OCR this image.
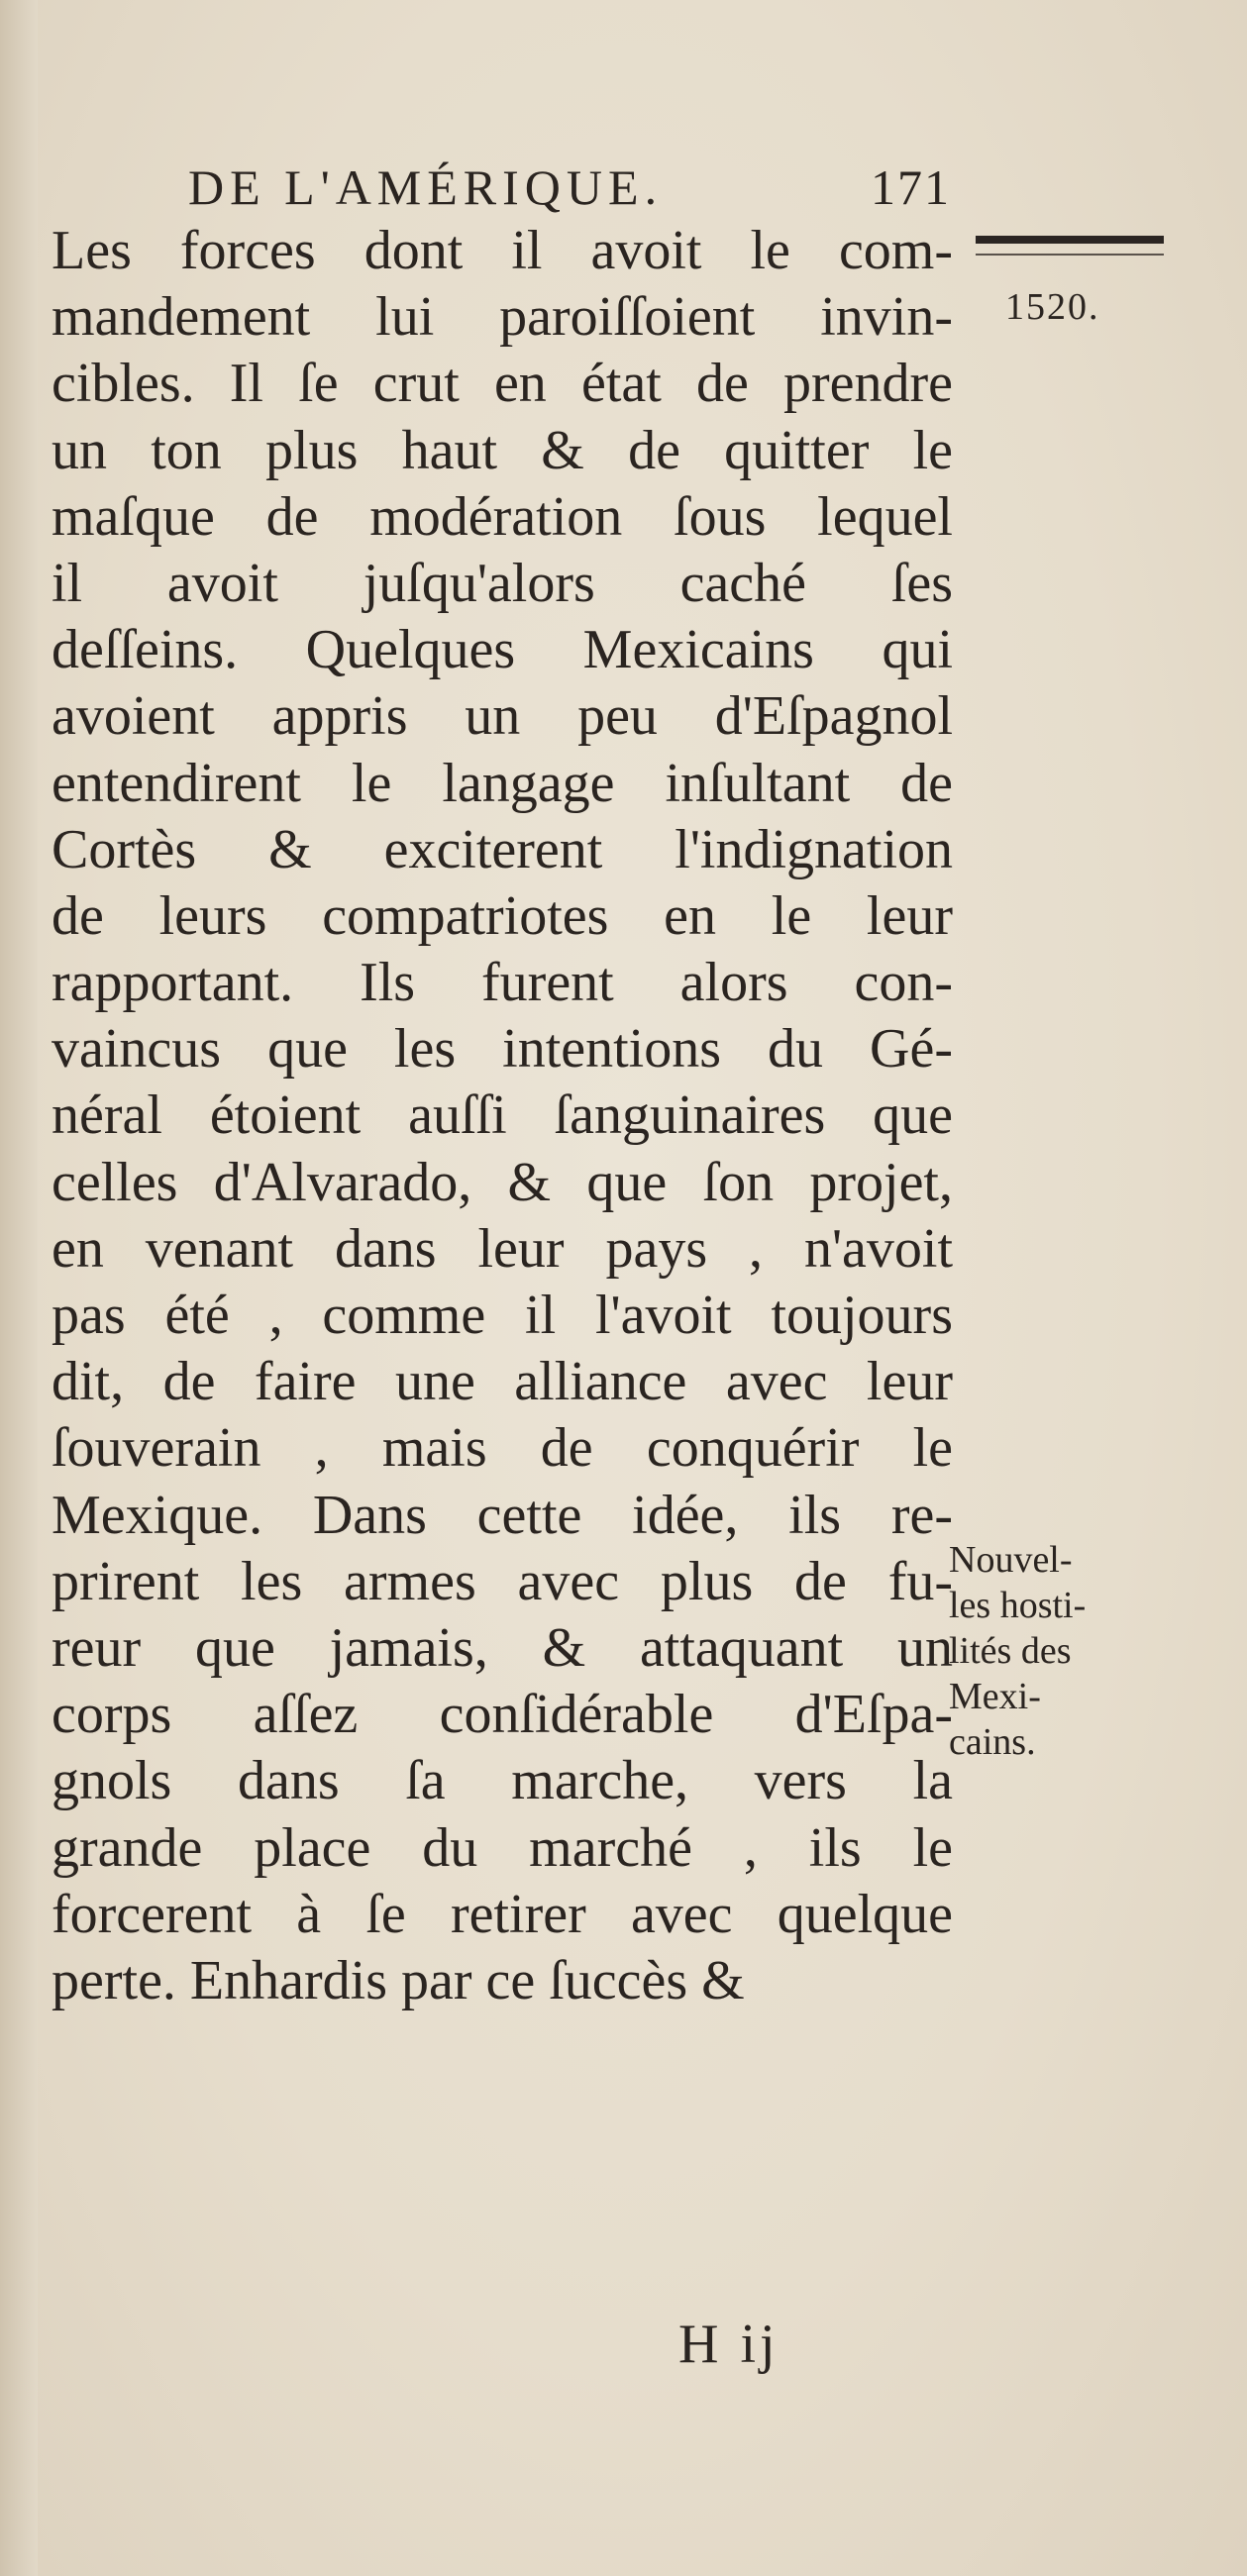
DE L'AMÉRIQUE.	171
1520.
Les forces dont il avoit le com-
mandement lui paroiſſoient invin-
cibles. Il ſe crut en état de prendre
un ton plus haut & de quitter le
maſque de modération ſous lequel
il avoit juſqu'alors caché ſes
deſſeins. Quelques Mexicains qui
avoient appris un peu d'Eſpagnol
entendirent le langage inſultant de
Cortès & exciterent l'indignation
de leurs compatriotes en le leur
rapportant. Ils furent alors con-
vaincus que les intentions du Gé-
néral étoient auſſi ſanguinaires que
celles d'Alvarado, & que ſon projet,
en venant dans leur pays , n'avoit
pas été , comme il l'avoit toujours
dit, de faire une alliance avec leur
ſouverain , mais de conquérir le
Mexique. Dans cette idée, ils re-
prirent les armes avec plus de fu-
reur que jamais, & attaquant un
corps aſſez conſidérable d'Eſpa-
gnols dans ſa marche, vers la
grande place du marché , ils le
forcerent à ſe retirer avec quelque
perte. Enhardis par ce ſuccès &
Nouvel-
les hosti-
lités des
Mexi-
cains.
H ij
